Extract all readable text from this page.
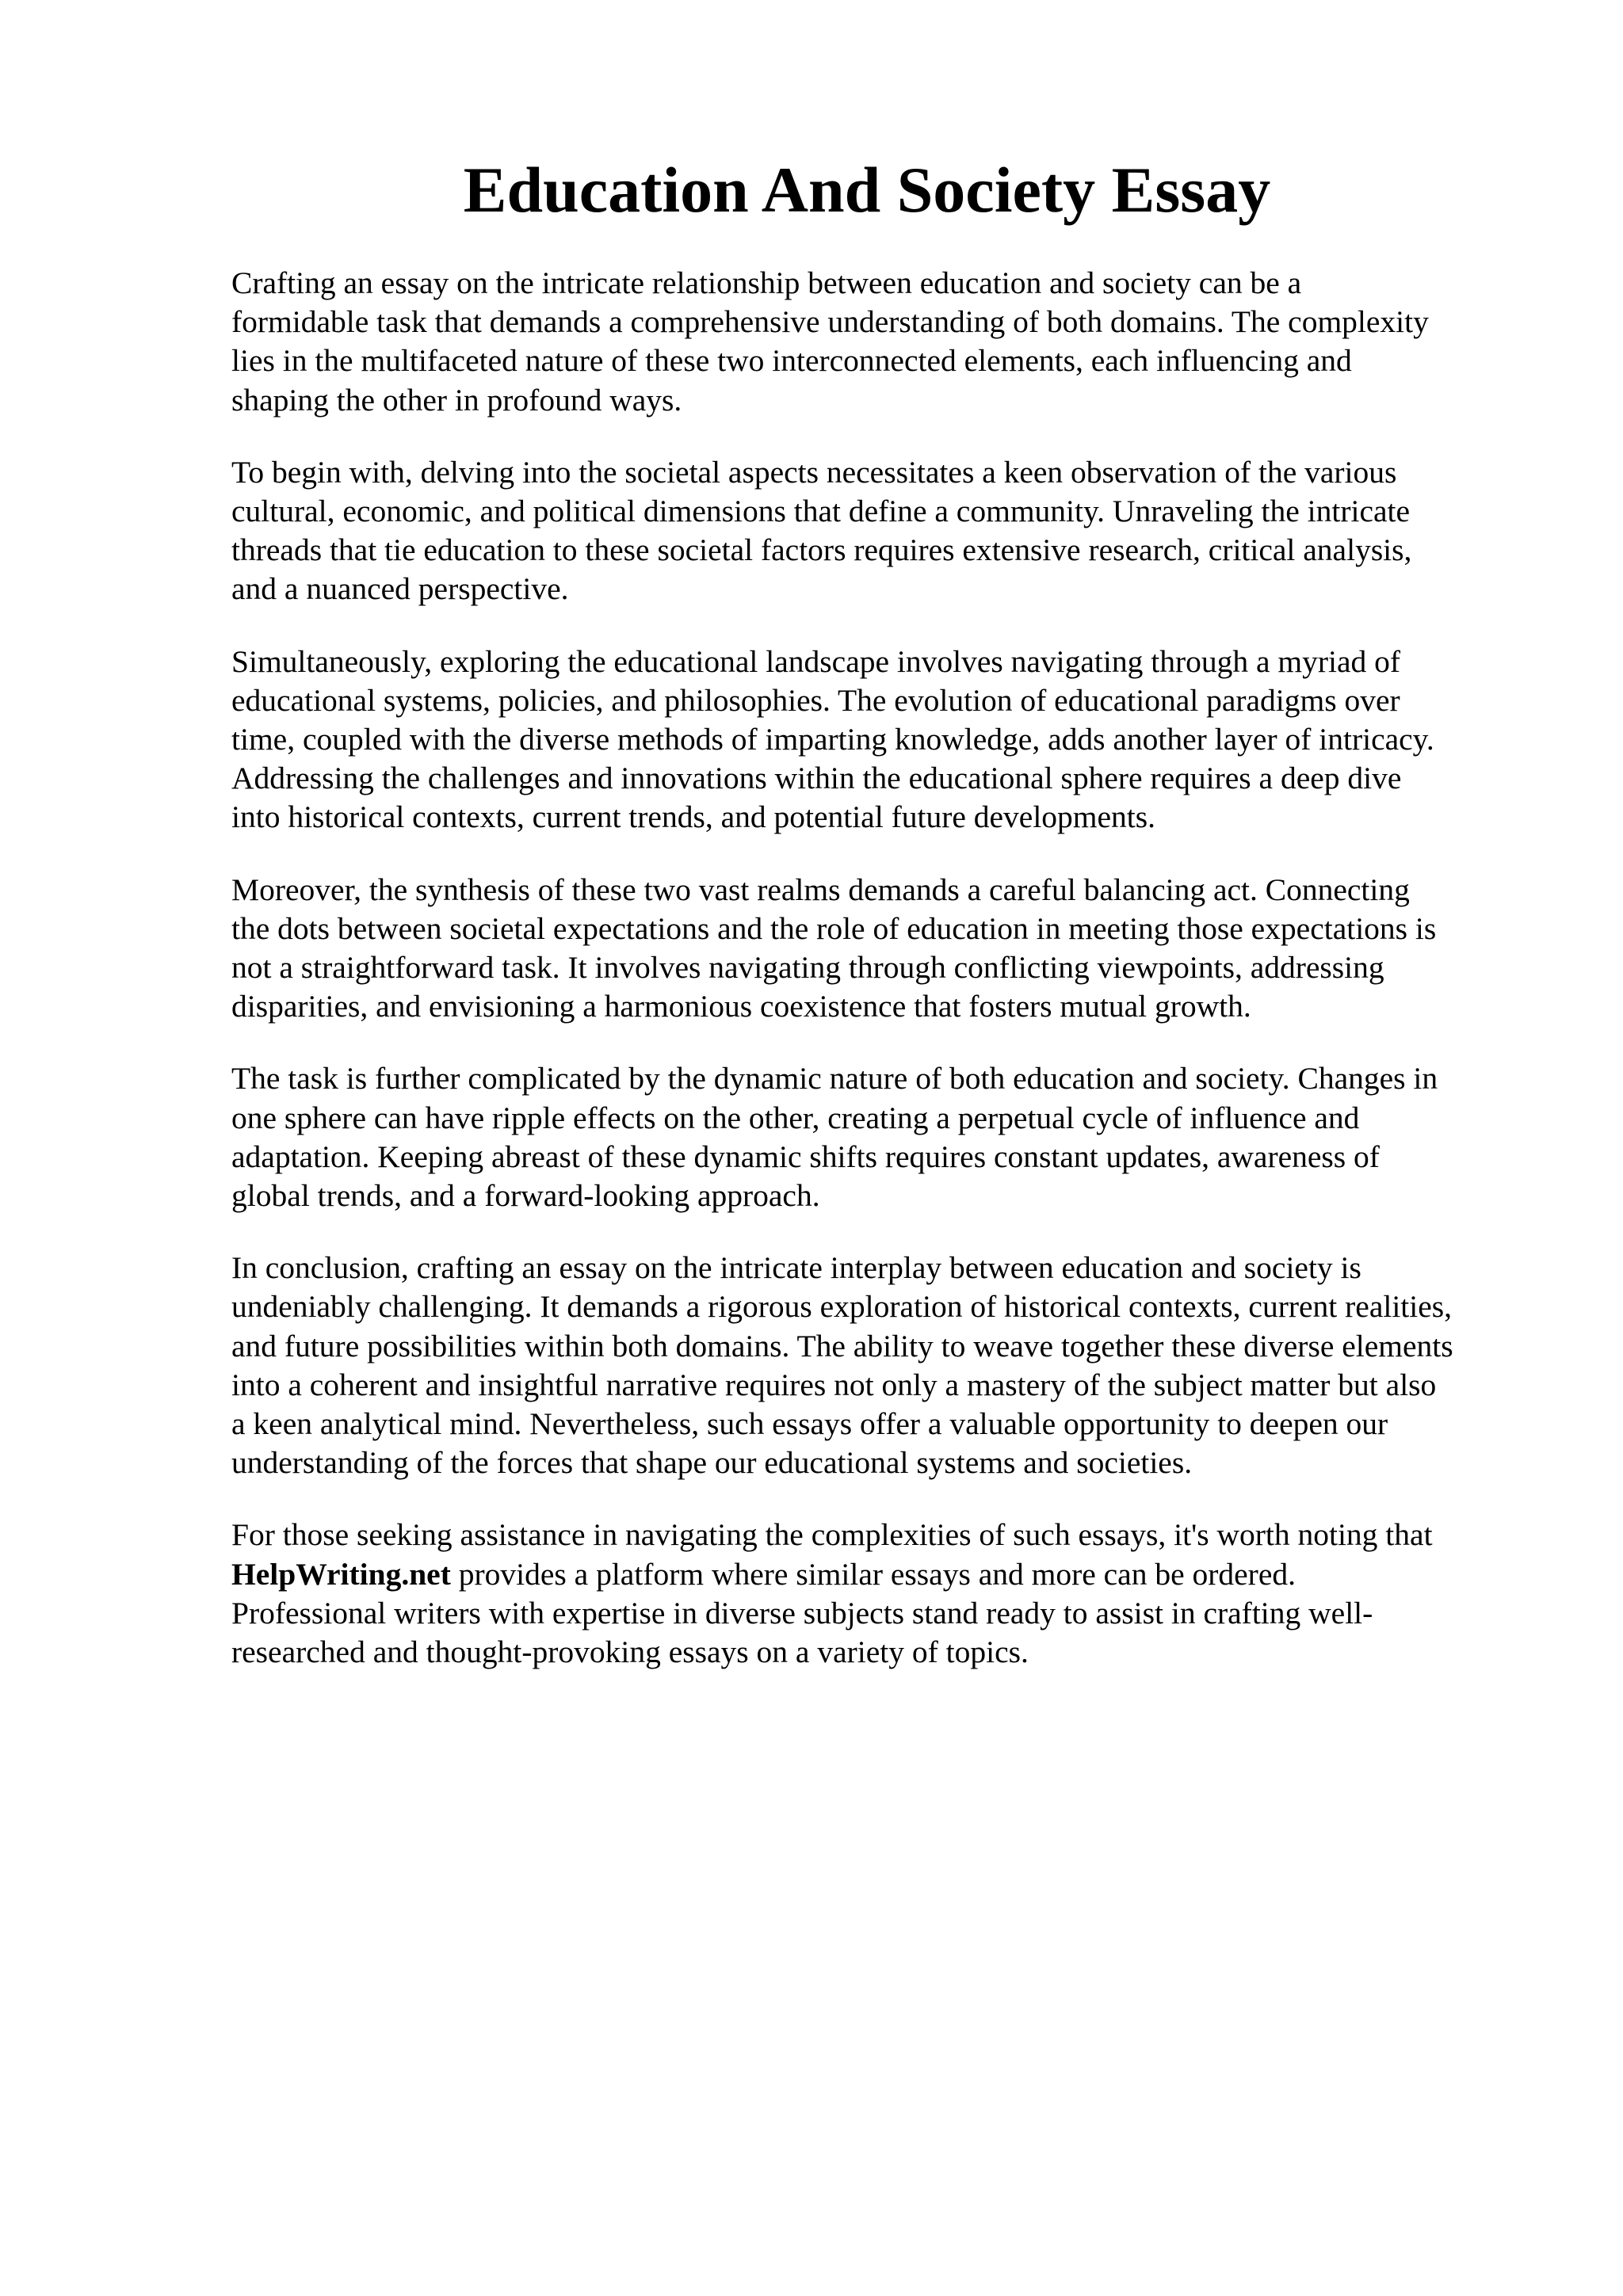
Education And Society Essay

Crafting an essay on the intricate relationship between education and society can be a
formidable task that demands a comprehensive understanding of both domains. The complexity
lies in the multifaceted nature of these two interconnected elements, each influencing and
shaping the other in profound ways.

To begin with, delving into the societal aspects necessitates a keen observation of the various
cultural, economic, and political dimensions that define a community. Unraveling the intricate
threads that tie education to these societal factors requires extensive research, critical analysis,
and a nuanced perspective.

Simultaneously, exploring the educational landscape involves navigating through a myriad of
educational systems, policies, and philosophies. The evolution of educational paradigms over
time, coupled with the diverse methods of imparting knowledge, adds another layer of intricacy.
Addressing the challenges and innovations within the educational sphere requires a deep dive
into historical contexts, current trends, and potential future developments.

Moreover, the synthesis of these two vast realms demands a careful balancing act. Connecting
the dots between societal expectations and the role of education in meeting those expectations is
not a straightforward task. It involves navigating through conflicting viewpoints, addressing
disparities, and envisioning a harmonious coexistence that fosters mutual growth.

The task is further complicated by the dynamic nature of both education and society. Changes in
one sphere can have ripple effects on the other, creating a perpetual cycle of influence and
adaptation. Keeping abreast of these dynamic shifts requires constant updates, awareness of
global trends, and a forward-looking approach.

In conclusion, crafting an essay on the intricate interplay between education and society is
undeniably challenging. It demands a rigorous exploration of historical contexts, current realities,
and future possibilities within both domains. The ability to weave together these diverse elements
into a coherent and insightful narrative requires not only a mastery of the subject matter but also
a keen analytical mind. Nevertheless, such essays offer a valuable opportunity to deepen our
understanding of the forces that shape our educational systems and societies.

For those seeking assistance in navigating the complexities of such essays, it's worth noting that
HelpWriting.net provides a platform where similar essays and more can be ordered.
Professional writers with expertise in diverse subjects stand ready to assist in crafting well-
researched and thought-provoking essays on a variety of topics.
